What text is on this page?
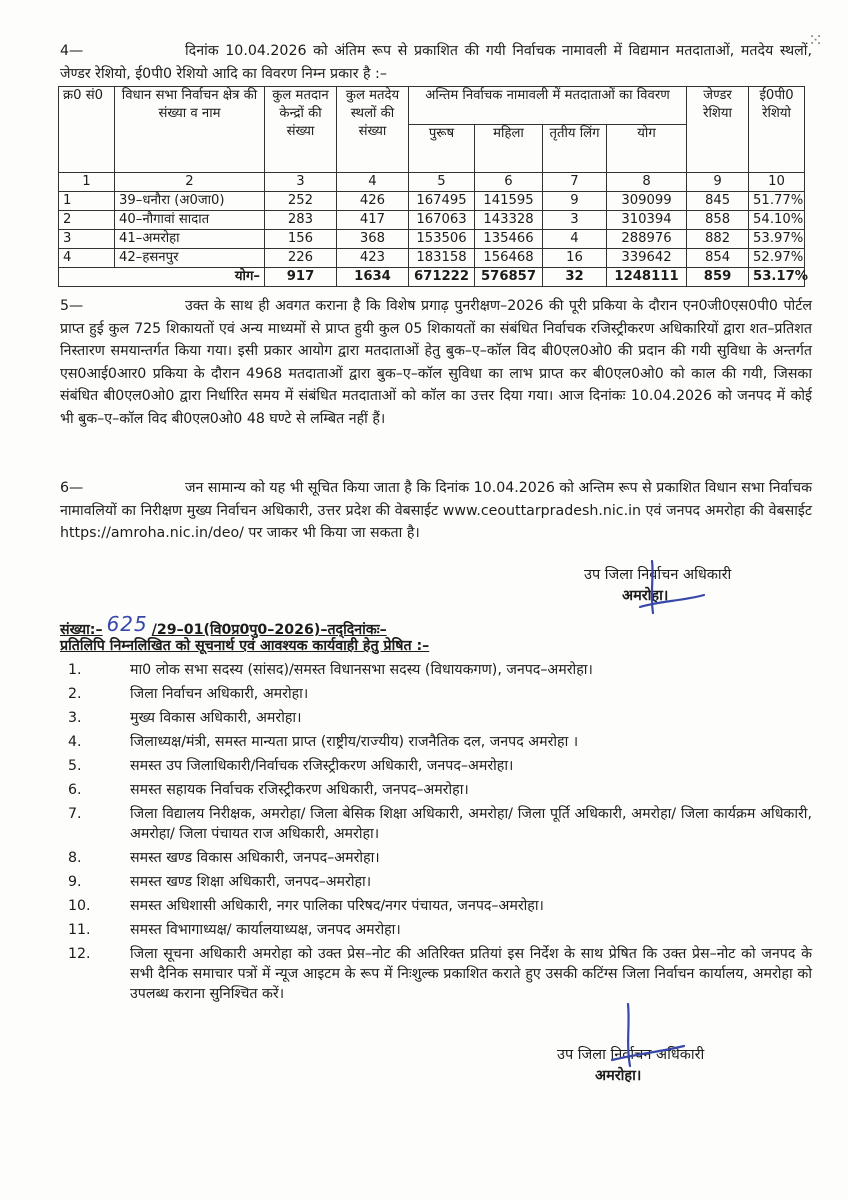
⁙
4—	दिनांक 10.04.2026 को अंतिम रूप से प्रकाशित की गयी निर्वाचक नामावली में विद्यमान मतदाताओं, मतदेय स्थलों, जेण्डर रेशियो, ई0पी0 रेशियो आदि का विवरण निम्न प्रकार है :–
क्र0 सं0	विधान सभा निर्वाचन क्षेत्र की संख्या व नाम	कुल मतदान केन्द्रों की संख्या	कुल मतदेय स्थलों की संख्या	अन्तिम निर्वाचक नामावली में मतदाताओं का विवरण				जेण्डर रेशिया	ई0पी0 रेशियो
				पुरूष	महिला	तृतीय लिंग	योग		
1	2	3	4	5	6	7	8	9	10
1	39–धनौरा (अ0जा0)	252	426	167495	141595	9	309099	845	51.77%
2	40–नौगावां सादात	283	417	167063	143328	3	310394	858	54.10%
3	41–अमरोहा	156	368	153506	135466	4	288976	882	53.97%
4	42–हसनपुर	226	423	183158	156468	16	339642	854	52.97%
योग–		917	1634	671222	576857	32	1248111	859	53.17%
5—	उक्त के साथ ही अवगत कराना है कि विशेष प्रगाढ़ पुनरीक्षण–2026 की पूरी प्रकिया के दौरान एन0जी0एस0पी0 पोर्टल प्राप्त हुई कुल 725 शिकायतों एवं अन्य माध्यमों से प्राप्त हुयी कुल 05 शिकायतों का संबंधित निर्वाचक रजिस्ट्रीकरण अधिकारियों द्वारा शत–प्रतिशत निस्तारण समयान्तर्गत किया गया। इसी प्रकार आयोग द्वारा मतदाताओं हेतु बुक–ए–कॉल विद बी0एल0ओ0 की प्रदान की गयी सुविधा के अन्तर्गत एस0आई0आर0 प्रकिया के दौरान 4968 मतदाताओं द्वारा बुक–ए–कॉल सुविधा का लाभ प्राप्त कर बी0एल0ओ0 को काल की गयी, जिसका संबंधित बी0एल0ओ0 द्वारा निर्धारित समय में संबंधित मतदाताओं को कॉल का उत्तर दिया गया। आज दिनांकः 10.04.2026 को जनपद में कोई भी बुक–ए–कॉल विद बी0एल0ओ0 48 घण्टे से लम्बित नहीं हैं।
6—	जन सामान्य को यह भी सूचित किया जाता है कि दिनांक 10.04.2026 को अन्तिम रूप से प्रकाशित विधान सभा निर्वाचक नामावलियों का निरीक्षण मुख्य निर्वाचन अधिकारी, उत्तर प्रदेश की वेबसाईट www.ceouttarpradesh.nic.in एवं जनपद अमरोहा की वेबसाईट https://amroha.nic.in/deo/ पर जाकर भी किया जा सकता है।
उप जिला निर्वाचन अधिकारी
अमरोहा।
संख्या:– 625 /29–01(वि0प्र0पु0–2026)–तद्‌दिनांकः–
प्रतिलिपि निम्नलिखित को सूचनार्थ एवं आवश्यक कार्यवाही हेतु प्रेषित :–
1.	मा0 लोक सभा सदस्य (सांसद)/समस्त विधानसभा सदस्य (विधायकगण), जनपद–अमरोहा।
2.	जिला निर्वाचन अधिकारी, अमरोहा।
3.	मुख्य विकास अधिकारी, अमरोहा।
4.	जिलाध्यक्ष/मंत्री, समस्त मान्यता प्राप्त (राष्ट्रीय/राज्यीय) राजनैतिक दल, जनपद अमरोहा ।
5.	समस्त उप जिलाधिकारी/निर्वाचक रजिस्ट्रीकरण अधिकारी, जनपद–अमरोहा।
6.	समस्त सहायक निर्वाचक रजिस्ट्रीकरण अधिकारी, जनपद–अमरोहा।
7.	जिला विद्यालय निरीक्षक, अमरोहा/ जिला बेसिक शिक्षा अधिकारी, अमरोहा/ जिला पूर्ति अधिकारी, अमरोहा/ जिला कार्यक्रम अधिकारी, अमरोहा/ जिला पंचायत राज अधिकारी, अमरोहा।
8.	समस्त खण्ड विकास अधिकारी, जनपद–अमरोहा।
9.	समस्त खण्ड शिक्षा अधिकारी, जनपद–अमरोहा।
10.	समस्त अधिशासी अधिकारी, नगर पालिका परिषद/नगर पंचायत, जनपद–अमरोहा।
11.	समस्त विभागाध्यक्ष/ कार्यालयाध्यक्ष, जनपद अमरोहा।
12.	जिला सूचना अधिकारी अमरोहा को उक्त प्रेस–नोट की अतिरिक्त प्रतियां इस निर्देश के साथ प्रेषित कि उक्त प्रेस–नोट को जनपद के सभी दैनिक समाचार पत्रों में न्यूज आइटम के रूप में निःशुल्क प्रकाशित कराते हुए उसकी कटिंग्स जिला निर्वाचन कार्यालय, अमरोहा को उपलब्ध कराना सुनिश्चित करें।
उप जिला निर्वाचन अधिकारी
अमरोहा।
